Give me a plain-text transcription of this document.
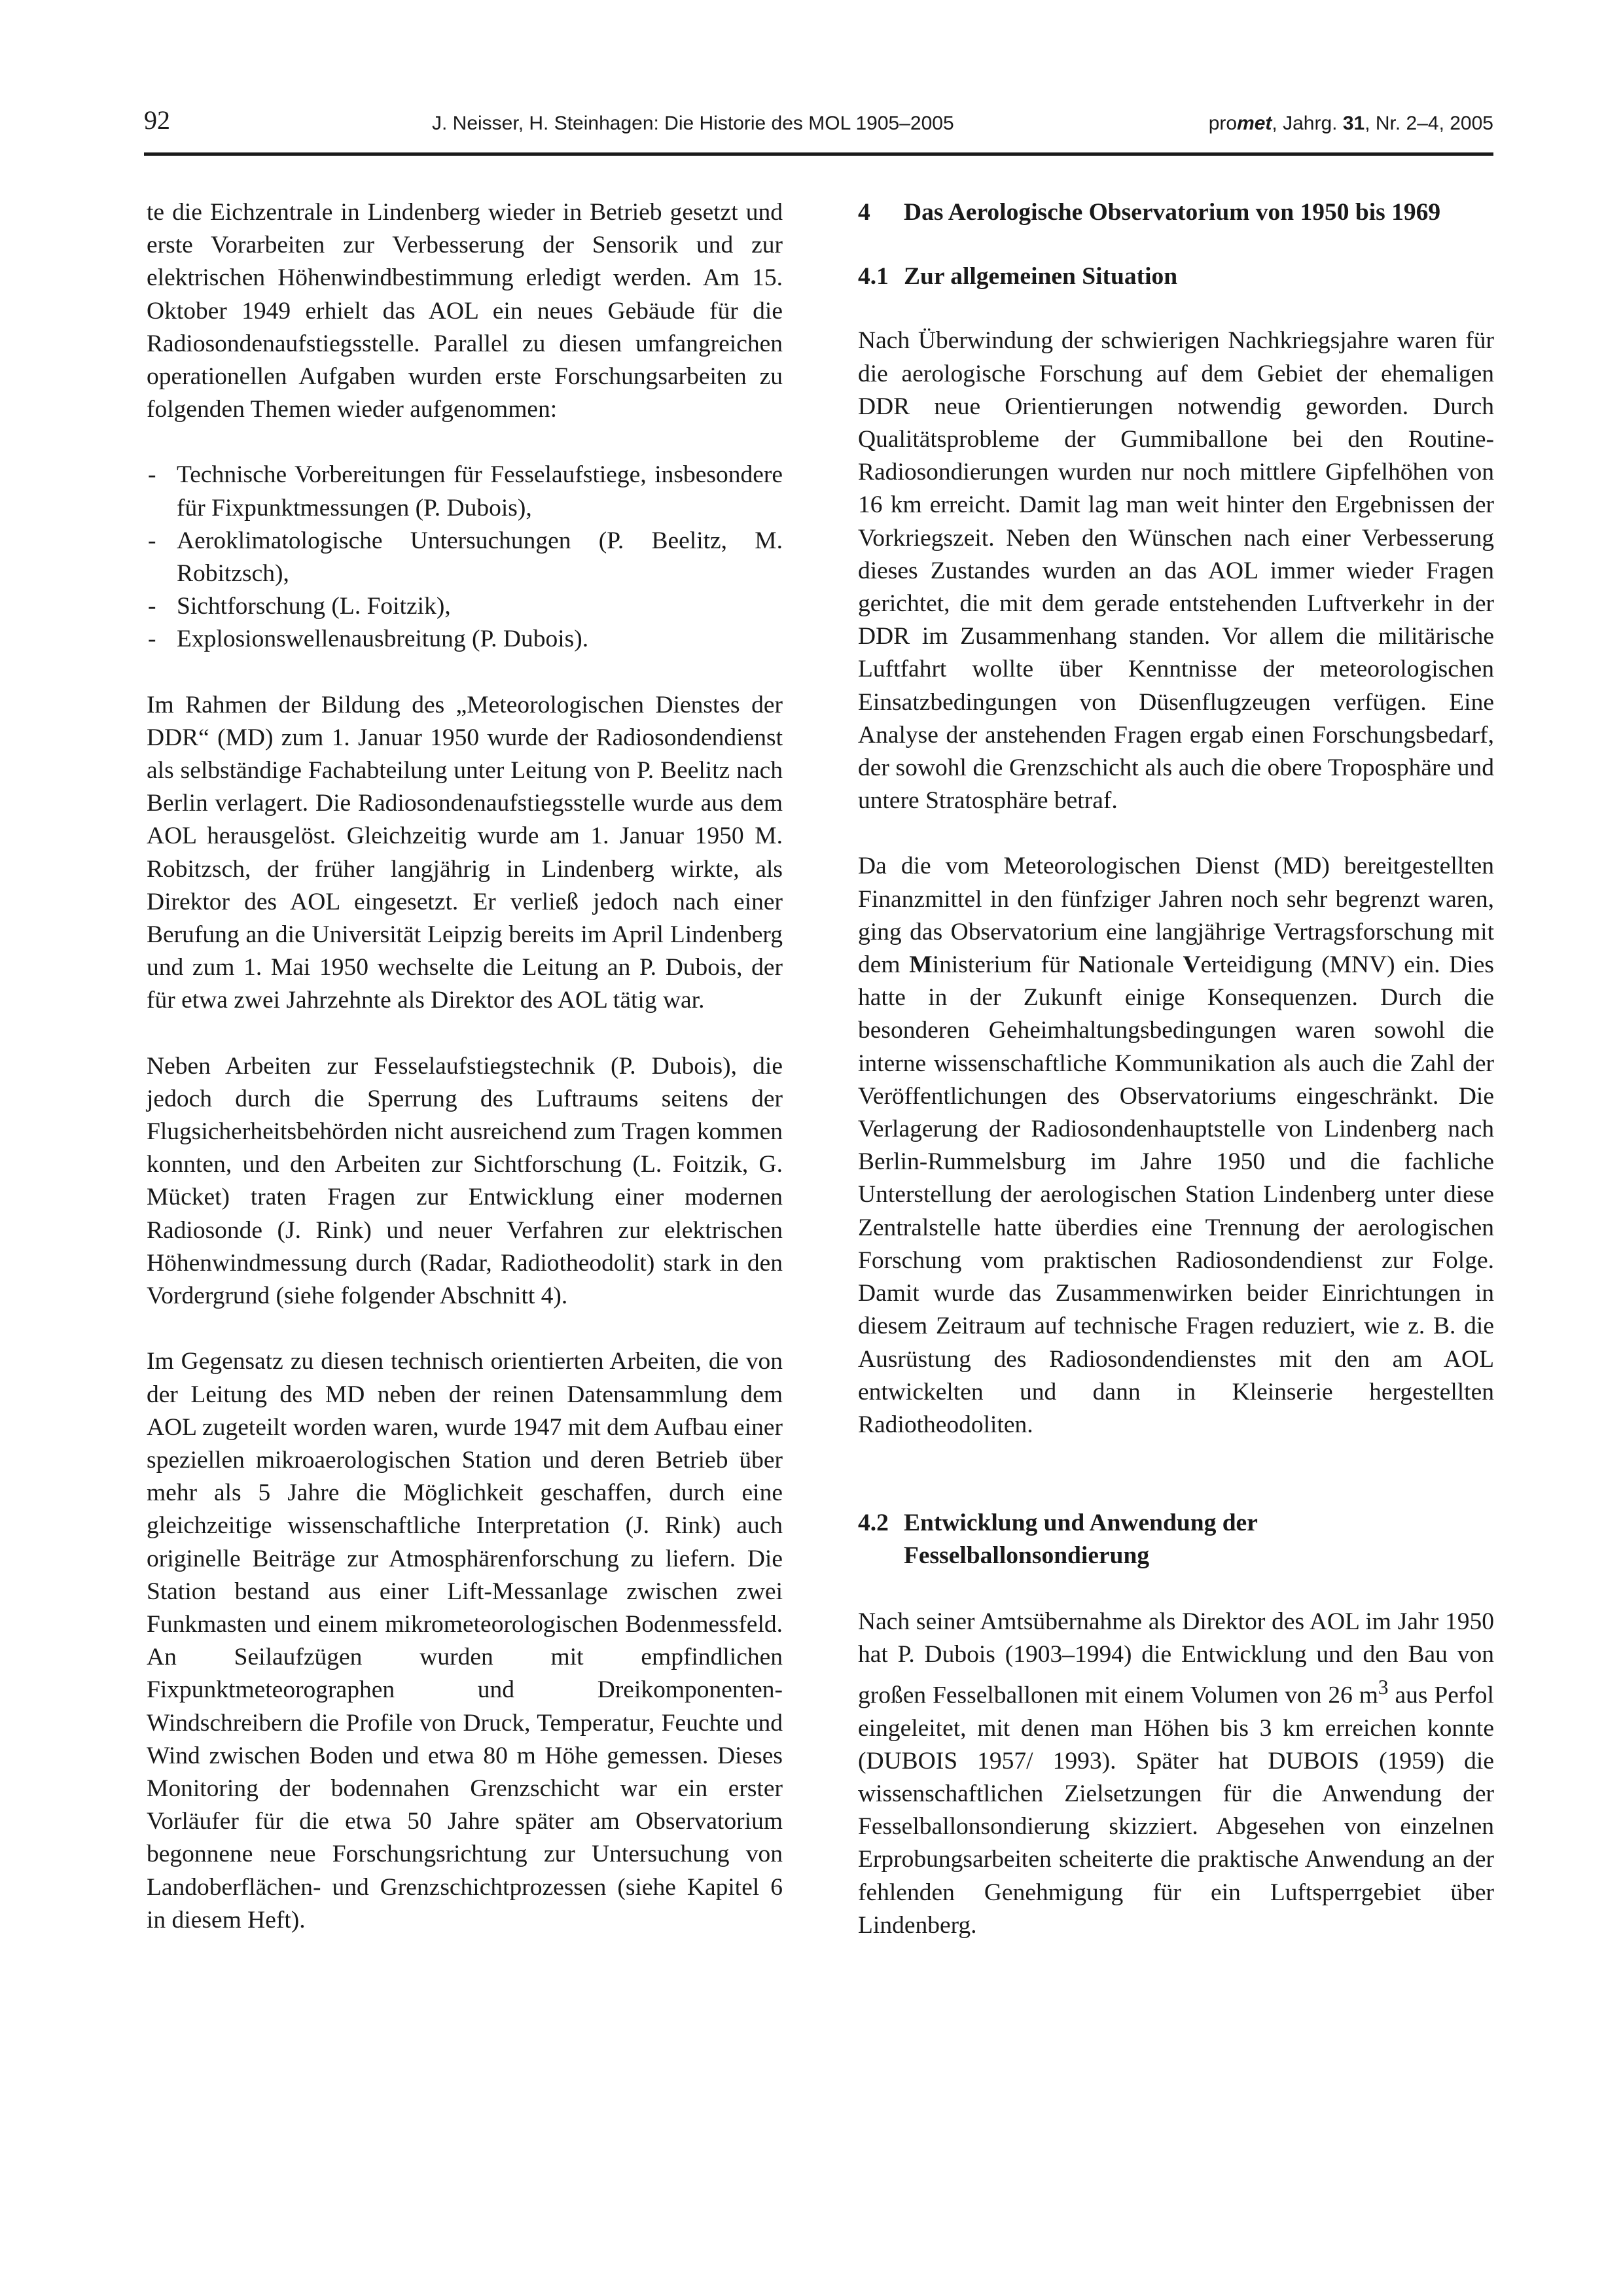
92	J. Neisser, H. Steinhagen: Die Historie des MOL 1905–2005	promet, Jahrg. 31, Nr. 2–4, 2005

te die Eichzentrale in Lindenberg wieder in Betrieb gesetzt und erste Vorarbeiten zur Verbesserung der Sensorik und zur elektrischen Höhenwindbestimmung erledigt werden. Am 15. Oktober 1949 erhielt das AOL ein neues Gebäude für die Radiosondenaufstiegsstelle. Parallel zu diesen umfangreichen operationellen Aufgaben wurden erste Forschungsarbeiten zu folgenden Themen wieder aufgenommen:

- Technische Vorbereitungen für Fesselaufstiege, insbesondere für Fixpunktmessungen (P. Dubois),
- Aeroklimatologische Untersuchungen (P. Beelitz, M. Robitzsch),
- Sichtforschung (L. Foitzik),
- Explosionswellenausbreitung (P. Dubois).

Im Rahmen der Bildung des „Meteorologischen Dienstes der DDR“ (MD) zum 1. Januar 1950 wurde der Radiosondendienst als selbständige Fachabteilung unter Leitung von P. Beelitz nach Berlin verlagert. Die Radiosondenaufstiegsstelle wurde aus dem AOL herausgelöst. Gleichzeitig wurde am 1. Januar 1950 M. Robitzsch, der früher langjährig in Lindenberg wirkte, als Direktor des AOL eingesetzt. Er verließ jedoch nach einer Berufung an die Universität Leipzig bereits im April Lindenberg und zum 1. Mai 1950 wechselte die Leitung an P. Dubois, der für etwa zwei Jahrzehnte als Direktor des AOL tätig war.

Neben Arbeiten zur Fesselaufstiegstechnik (P. Dubois), die jedoch durch die Sperrung des Luftraums seitens der Flugsicherheitsbehörden nicht ausreichend zum Tragen kommen konnten, und den Arbeiten zur Sichtforschung (L. Foitzik, G. Mücket) traten Fragen zur Entwicklung einer modernen Radiosonde (J. Rink) und neuer Verfahren zur elektrischen Höhenwindmessung durch (Radar, Radiotheodolit) stark in den Vordergrund (siehe folgender Abschnitt 4).

Im Gegensatz zu diesen technisch orientierten Arbeiten, die von der Leitung des MD neben der reinen Datensammlung dem AOL zugeteilt worden waren, wurde 1947 mit dem Aufbau einer speziellen mikroaerologischen Station und deren Betrieb über mehr als 5 Jahre die Möglichkeit geschaffen, durch eine gleichzeitige wissenschaftliche Interpretation (J. Rink) auch originelle Beiträge zur Atmosphärenforschung zu liefern. Die Station bestand aus einer Lift-Messanlage zwischen zwei Funkmasten und einem mikrometeorologischen Bodenmessfeld. An Seilaufzügen wurden mit empfindlichen Fixpunktmeteorographen und Dreikomponenten-Windschreibern die Profile von Druck, Temperatur, Feuchte und Wind zwischen Boden und etwa 80 m Höhe gemessen. Dieses Monitoring der bodennahen Grenzschicht war ein erster Vorläufer für die etwa 50 Jahre später am Observatorium begonnene neue Forschungsrichtung zur Untersuchung von Landoberflächen- und Grenzschichtprozessen (siehe Kapitel 6 in diesem Heft).

4	Das Aerologische Observatorium von 1950 bis 1969
4.1 Zur allgemeinen Situation

Nach Überwindung der schwierigen Nachkriegsjahre waren für die aerologische Forschung auf dem Gebiet der ehemaligen DDR neue Orientierungen notwendig geworden. Durch Qualitätsprobleme der Gummiballone bei den Routine-Radiosondierungen wurden nur noch mittlere Gipfelhöhen von 16 km erreicht. Damit lag man weit hinter den Ergebnissen der Vorkriegszeit. Neben den Wünschen nach einer Verbesserung dieses Zustandes wurden an das AOL immer wieder Fragen gerichtet, die mit dem gerade entstehenden Luftverkehr in der DDR im Zusammenhang standen. Vor allem die militärische Luftfahrt wollte über Kenntnisse der meteorologischen Einsatzbedingungen von Düsenflugzeugen verfügen. Eine Analyse der anstehenden Fragen ergab einen Forschungsbedarf, der sowohl die Grenzschicht als auch die obere Troposphäre und untere Stratosphäre betraf.

Da die vom Meteorologischen Dienst (MD) bereitgestellten Finanzmittel in den fünfziger Jahren noch sehr begrenzt waren, ging das Observatorium eine langjährige Vertragsforschung mit dem Ministerium für Nationale Verteidigung (MNV) ein. Dies hatte in der Zukunft einige Konsequenzen. Durch die besonderen Geheimhaltungsbedingungen waren sowohl die interne wissenschaftliche Kommunikation als auch die Zahl der Veröffentlichungen des Observatoriums eingeschränkt. Die Verlagerung der Radiosondenhauptstelle von Lindenberg nach Berlin-Rummelsburg im Jahre 1950 und die fachliche Unterstellung der aerologischen Station Lindenberg unter diese Zentralstelle hatte überdies eine Trennung der aerologischen Forschung vom praktischen Radiosondendienst zur Folge. Damit wurde das Zusammenwirken beider Einrichtungen in diesem Zeitraum auf technische Fragen reduziert, wie z. B. die Ausrüstung des Radiosondendienstes mit den am AOL entwickelten und dann in Kleinserie hergestellten Radiotheodoliten.

4.2 Entwicklung und Anwendung der Fesselballonsondierung

Nach seiner Amtsübernahme als Direktor des AOL im Jahr 1950 hat P. Dubois (1903–1994) die Entwicklung und den Bau von großen Fesselballonen mit einem Volumen von 26 $m^3$ aus Perfol eingeleitet, mit denen man Höhen bis 3 km erreichen konnte (DUBOIS 1957/ 1993). Später hat DUBOIS (1959) die wissenschaftlichen Zielsetzungen für die Anwendung der Fesselballonsondierung skizziert. Abgesehen von einzelnen Erprobungsarbeiten scheiterte die praktische Anwendung an der fehlenden Genehmigung für ein Luftsperrgebiet über Lindenberg.
